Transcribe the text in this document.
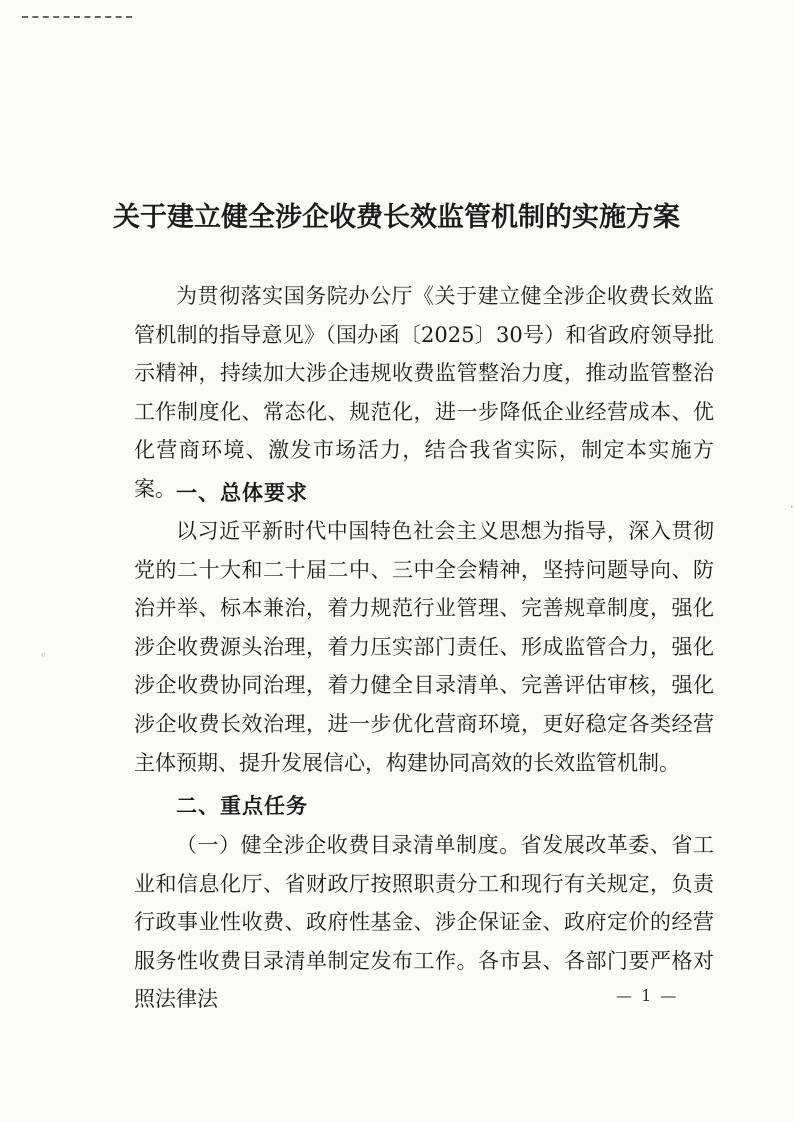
关于建立健全涉企收费长效监管机制的实施方案

为贯彻落实国务院办公厅《关于建立健全涉企收费长效监管机制的指导意见》（国办函〔2025〕30号）和省政府领导批示精神，持续加大涉企违规收费监管整治力度，推动监管整治工作制度化、常态化、规范化，进一步降低企业经营成本、优化营商环境、激发市场活力，结合我省实际，制定本实施方案。 一、总体要求

以习近平新时代中国特色社会主义思想为指导，深入贯彻党的二十大和二十届二中、三中全会精神，坚持问题导向、防治并举、标本兼治，着力规范行业管理、完善规章制度，强化涉企收费源头治理，着力压实部门责任、形成监管合力，强化涉企收费协同治理，着力健全目录清单、完善评估审核，强化涉企收费长效治理，进一步优化营商环境，更好稳定各类经营主体预期、提升发展信心，构建协同高效的长效监管机制。

二、重点任务

（一）健全涉企收费目录清单制度。省发展改革委、省工业和信息化厅、省财政厅按照职责分工和现行有关规定，负责行政事业性收费、政府性基金、涉企保证金、政府定价的经营服务性收费目录清单制定发布工作。各市县、各部门要严格对照法律法	— 1 —

◦

·
